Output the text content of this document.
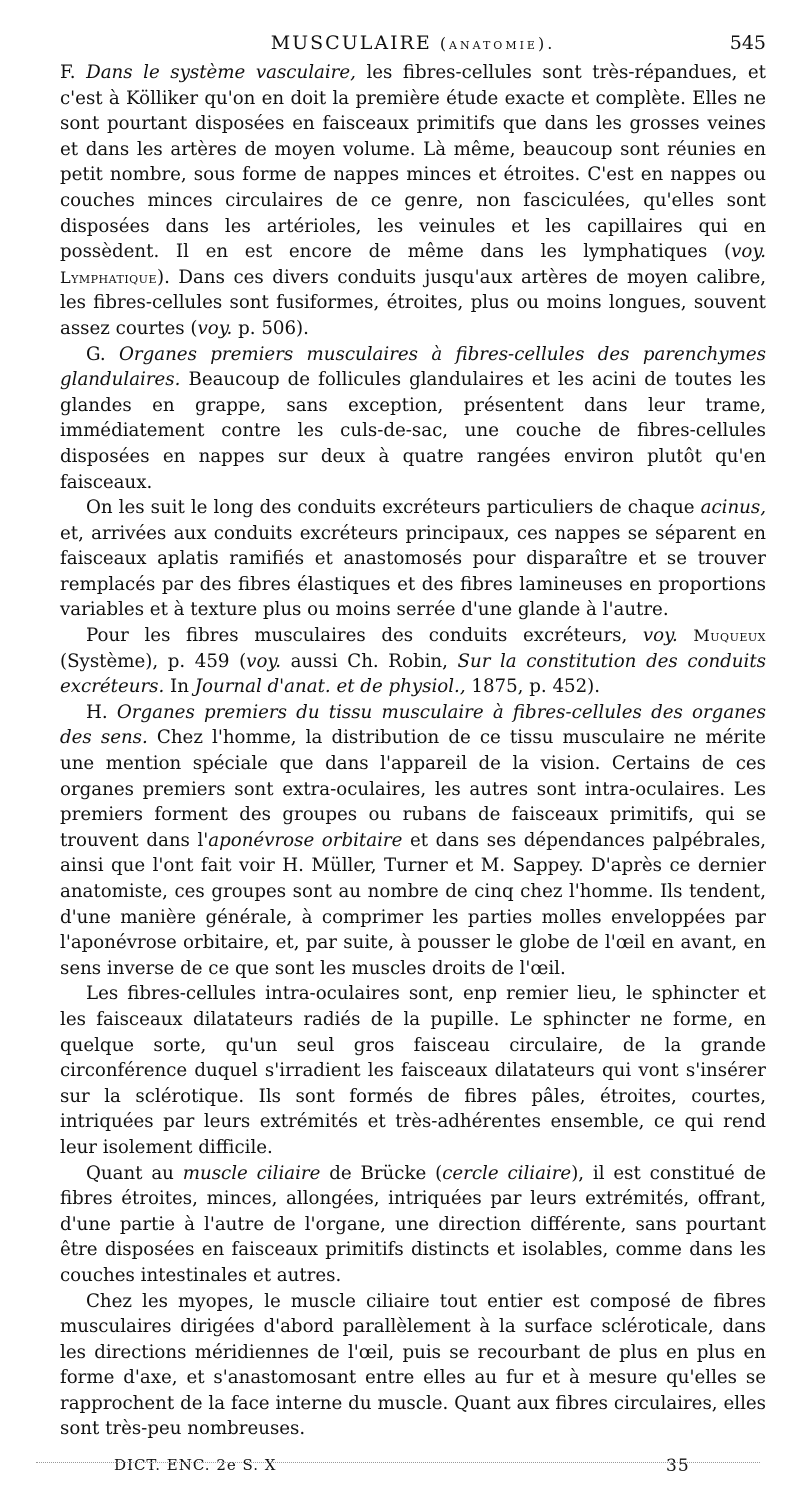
MUSCULAIRE (anatomie).	545

F. Dans le système vasculaire, les fibres-cellules sont très-répandues, et c'est à Kölliker qu'on en doit la première étude exacte et complète. Elles ne sont pourtant disposées en faisceaux primitifs que dans les grosses veines et dans les artères de moyen volume. Là même, beaucoup sont réunies en petit nombre, sous forme de nappes minces et étroites. C'est en nappes ou couches minces circulaires de ce genre, non fasciculées, qu'elles sont disposées dans les artérioles, les veinules et les capillaires qui en possèdent. Il en est encore de même dans les lymphatiques (voy. Lymphatique). Dans ces divers conduits jusqu'aux artères de moyen calibre, les fibres-cellules sont fusiformes, étroites, plus ou moins longues, souvent assez courtes (voy. p. 506).

G. Organes premiers musculaires à fibres-cellules des parenchymes glandulaires. Beaucoup de follicules glandulaires et les acini de toutes les glandes en grappe, sans exception, présentent dans leur trame, immédiatement contre les culs-de-sac, une couche de fibres-cellules disposées en nappes sur deux à quatre rangées environ plutôt qu'en faisceaux.

On les suit le long des conduits excréteurs particuliers de chaque acinus, et, arrivées aux conduits excréteurs principaux, ces nappes se séparent en faisceaux aplatis ramifiés et anastomosés pour disparaître et se trouver remplacés par des fibres élastiques et des fibres lamineuses en proportions variables et à texture plus ou moins serrée d'une glande à l'autre.

Pour les fibres musculaires des conduits excréteurs, voy. Muqueux (Système), p. 459 (voy. aussi Ch. Robin, Sur la constitution des conduits excréteurs. In Journal d'anat. et de physiol., 1875, p. 452).

H. Organes premiers du tissu musculaire à fibres-cellules des organes des sens. Chez l'homme, la distribution de ce tissu musculaire ne mérite une mention spéciale que dans l'appareil de la vision. Certains de ces organes premiers sont extra-oculaires, les autres sont intra-oculaires. Les premiers forment des groupes ou rubans de faisceaux primitifs, qui se trouvent dans l'aponévrose orbitaire et dans ses dépendances palpébrales, ainsi que l'ont fait voir H. Müller, Turner et M. Sappey. D'après ce dernier anatomiste, ces groupes sont au nombre de cinq chez l'homme. Ils tendent, d'une manière générale, à comprimer les parties molles enveloppées par l'aponévrose orbitaire, et, par suite, à pousser le globe de l'œil en avant, en sens inverse de ce que sont les muscles droits de l'œil.

Les fibres-cellules intra-oculaires sont, enp remier lieu, le sphincter et les faisceaux dilatateurs radiés de la pupille. Le sphincter ne forme, en quelque sorte, qu'un seul gros faisceau circulaire, de la grande circonférence duquel s'irradient les faisceaux dilatateurs qui vont s'insérer sur la sclérotique. Ils sont formés de fibres pâles, étroites, courtes, intriquées par leurs extrémités et très-adhérentes ensemble, ce qui rend leur isolement difficile.

Quant au muscle ciliaire de Brücke (cercle ciliaire), il est constitué de fibres étroites, minces, allongées, intriquées par leurs extrémités, offrant, d'une partie à l'autre de l'organe, une direction différente, sans pourtant être disposées en faisceaux primitifs distincts et isolables, comme dans les couches intestinales et autres.

Chez les myopes, le muscle ciliaire tout entier est composé de fibres musculaires dirigées d'abord parallèlement à la surface scléroticale, dans les directions méridiennes de l'œil, puis se recourbant de plus en plus en forme d'axe, et s'anastomosant entre elles au fur et à mesure qu'elles se rapprochent de la face interne du muscle. Quant aux fibres circulaires, elles sont très-peu nombreuses.

DICT. ENC. 2e S. X	35
